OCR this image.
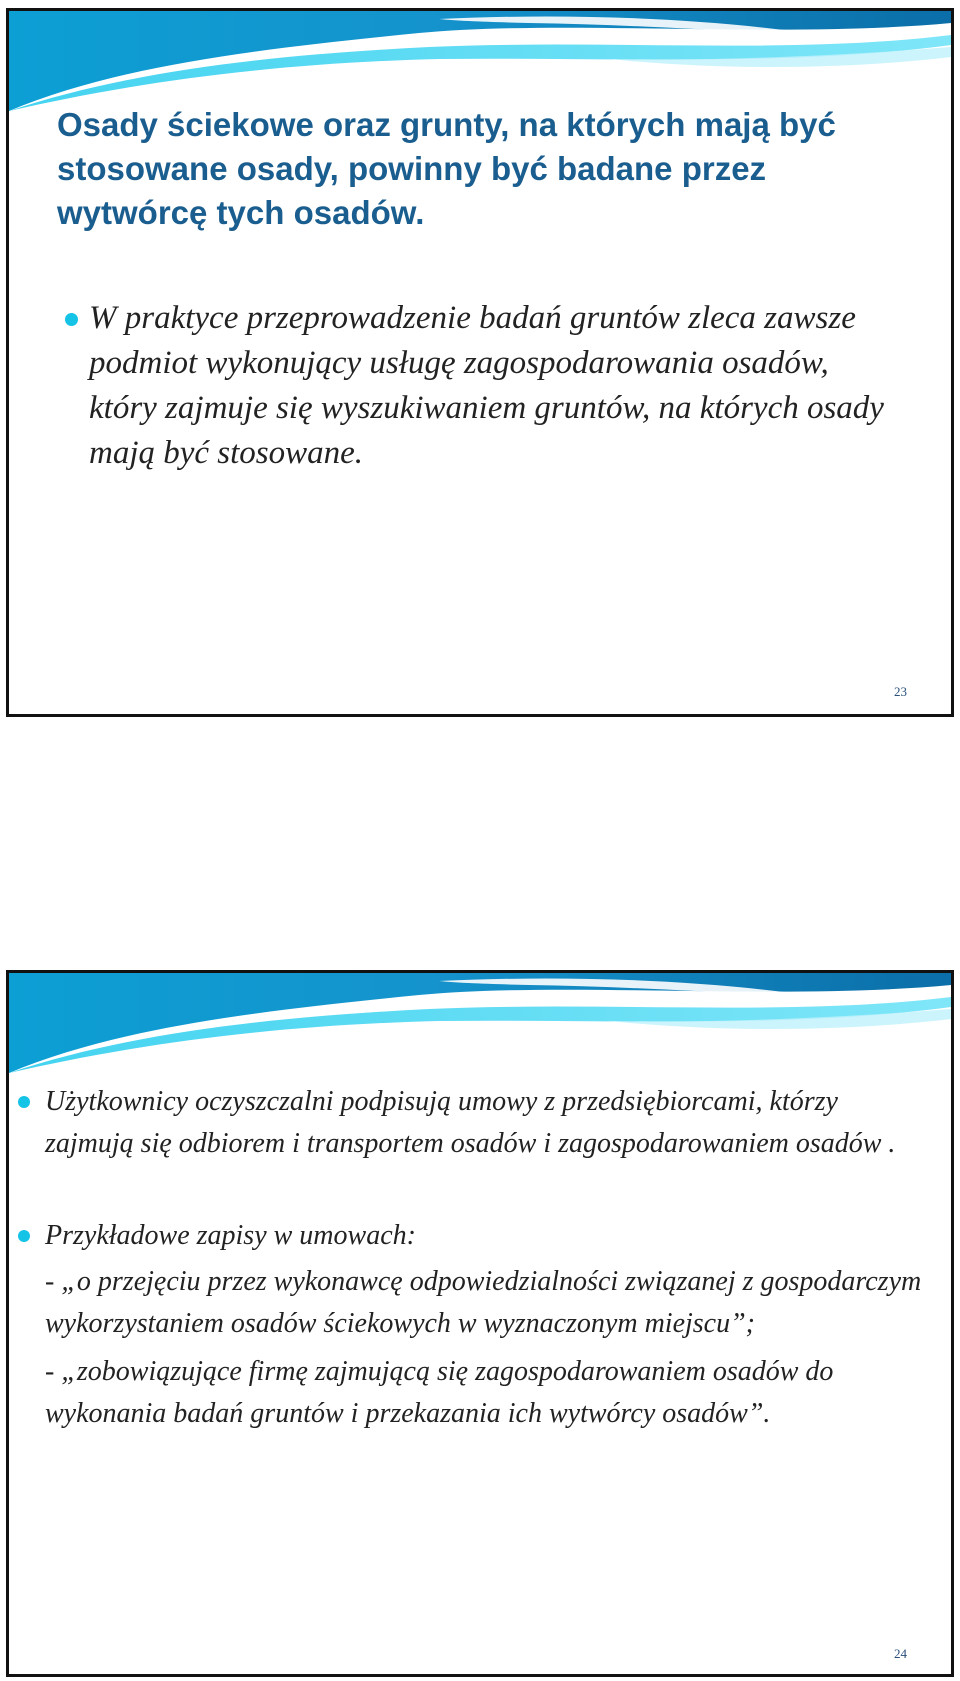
Osady ściekowe oraz grunty, na których mają być stosowane osady, powinny być badane przez wytwórcę tych osadów.
W praktyce przeprowadzenie badań gruntów zleca zawsze podmiot wykonujący usługę zagospodarowania osadów, który zajmuje się wyszukiwaniem gruntów, na których osady mają być stosowane.
23
Użytkownicy oczyszczalni podpisują umowy z przedsiębiorcami, którzy zajmują się odbiorem i transportem osadów i zagospodarowaniem osadów .
Przykładowe zapisy w umowach:
- „o przejęciu przez wykonawcę odpowiedzialności związanej z gospodarczym wykorzystaniem osadów ściekowych w wyznaczonym miejscu”;
- „zobowiązujące firmę zajmującą się zagospodarowaniem osadów do wykonania badań gruntów i przekazania ich wytwórcy osadów”.
24
